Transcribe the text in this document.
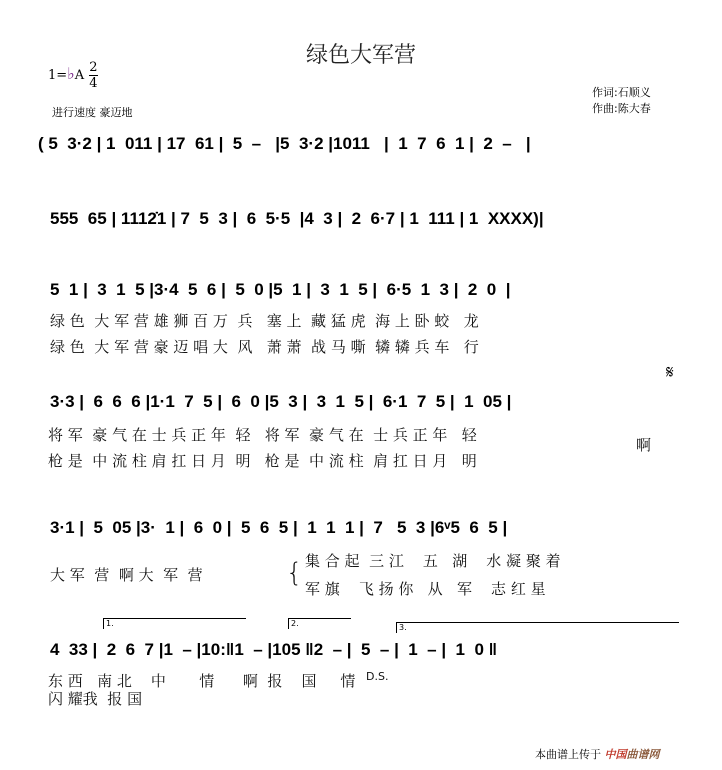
绿色大军营
1=♭A $\frac{2}{4}$
进行速度 豪迈地
作词:石顺义
作曲:陈大春
( 5  3·2 | 1  011 | 17  61 |  5  –   |5  3·2 |1011   |  1  7  6  1 |  2  –   |
555  65 | 1112̇1 | 7  5  3 |  6  5·5  |4  3 |  2  6·7 | 1  111 | 1  XXXX)|
5  1 |  3  1  5 |3·4  5  6 |  5  0 |5  1 |  3  1  5 |  6·5  1  3 |  2  0  |
绿 色  大 军 营 雄 狮 百 万  兵   塞 上  藏 猛 虎  海 上 卧 蛟   龙
绿 色  大 军 营 豪 迈 唱 大  风   萧 萧  战 马 嘶  辚 辚 兵 车   行
𝄋
3·3 |  6  6  6 |1·1  7  5 |  6  0 |5  3 |  3  1  5 |  6·1  7  5 |  1  05 |
将 军  豪 气 在 士 兵 正 年  轻   将 军  豪 气 在  士 兵 正 年   轻
枪 是  中 流 柱 肩 扛 日 月  明   枪 是  中 流 柱  肩 扛 日 月   明
啊
3·1 |  5  05 |3·  1 |  6  0 |  5  6  5 |  1  1  1 |  7   5  3 |6ᵛ5  6  5 |
大 军  营  啊 大  军  营	{ 集 合 起  三 江    五   湖    水 凝 聚 着
军 旗    飞 扬 你   从   军    志 红 星
1.	2.	3.
4  33 |  2  6  7 |1  – |10:‖1  – |105 ‖2  – |  5  – |  1  – |  1  0 ‖
东 西   南 北    中       情      啊  报    国     情
闪 耀我  报 国
D.S.
本曲谱上传于 中国曲谱网
